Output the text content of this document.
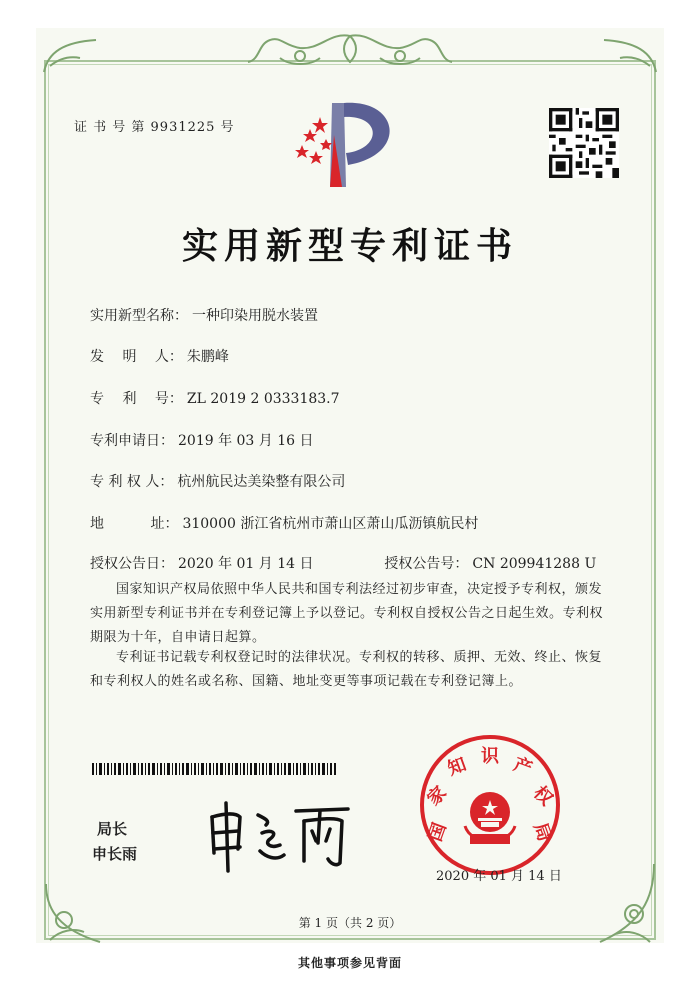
证 书 号 第 9931225 号
实用新型专利证书
实用新型名称： 一种印染用脱水装置
发　 明　 人： 朱鹏峰
专　 利　 号： ZL 2019 2 0333183.7
专利申请日： 2019 年 03 月 16 日
专 利 权 人： 杭州航民达美染整有限公司
地　　　 址： 310000 浙江省杭州市萧山区萧山瓜沥镇航民村
授权公告日： 2020 年 01 月 14 日	授权公告号： CN 209941288 U
国家知识产权局依照中华人民共和国专利法经过初步审查，决定授予专利权，颁发实用新型专利证书并在专利登记簿上予以登记。专利权自授权公告之日起生效。专利权期限为十年，自申请日起算。
专利证书记载专利权登记时的法律状况。专利权的转移、质押、无效、终止、恢复和专利权人的姓名或名称、国籍、地址变更等事项记载在专利登记簿上。
局长
申长雨
国
家
知 识 产
权
局
2020 年 01 月 14 日
第 1 页（共 2 页）
其他事项参见背面
